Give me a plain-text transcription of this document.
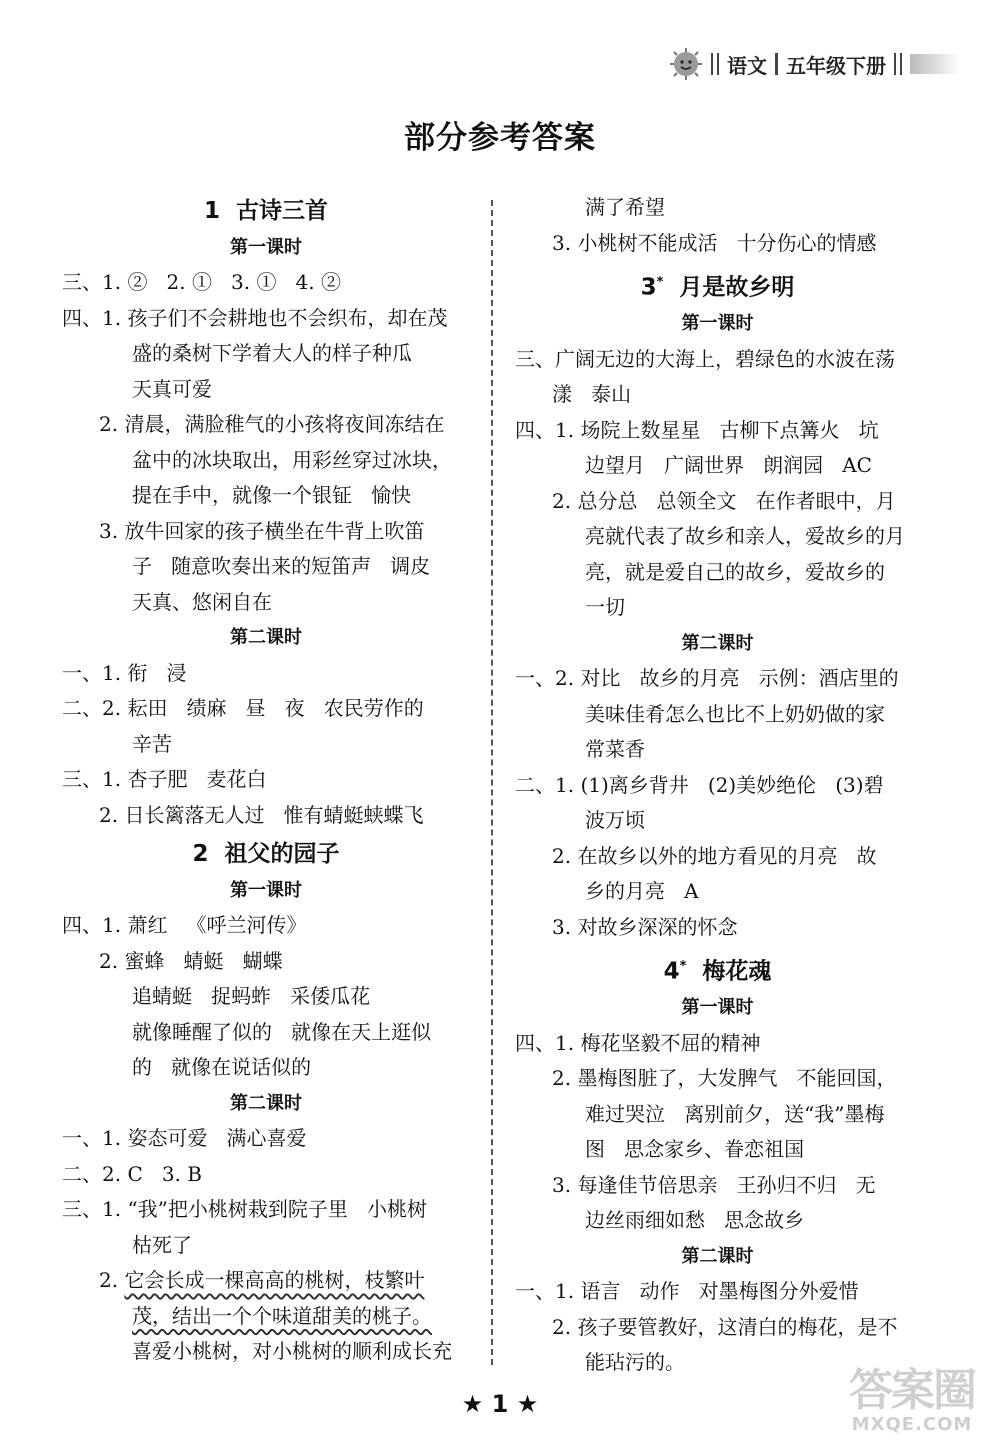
语文 五年级下册
部分参考答案
1  古诗三首
第一课时
三、1. ②   2. ①   3. ①   4. ②
四、1. 孩子们不会耕地也不会织布，却在茂
盛的桑树下学着大人的样子种瓜
天真可爱
2. 清晨，满脸稚气的小孩将夜间冻结在
盆中的冰块取出，用彩丝穿过冰块，
提在手中，就像一个银钲   愉快
3. 放牛回家的孩子横坐在牛背上吹笛
子   随意吹奏出来的短笛声   调皮
天真、悠闲自在
第二课时
一、1. 衔   浸
二、2. 耘田   绩麻   昼   夜   农民劳作的
辛苦
三、1. 杏子肥   麦花白
2. 日长篱落无人过   惟有蜻蜓蛱蝶飞
2  祖父的园子
第一课时
四、1. 萧红   《呼兰河传》
2. 蜜蜂   蜻蜓   蝴蝶
追蜻蜓   捉蚂蚱   采倭瓜花
就像睡醒了似的   就像在天上逛似
的   就像在说话似的
第二课时
一、1. 姿态可爱   满心喜爱
二、2. C   3. B
三、1. “我”把小桃树栽到院子里   小桃树
枯死了
2. 它会长成一棵高高的桃树，枝繁叶
茂，结出一个个味道甜美的桃子。
喜爱小桃树，对小桃树的顺利成长充
满了希望
3. 小桃树不能成活   十分伤心的情感
3*  月是故乡明
第一课时
三、广阔无边的大海上，碧绿色的水波在荡
漾   泰山
四、1. 场院上数星星   古柳下点篝火   坑
边望月   广阔世界   朗润园   AC
2. 总分总   总领全文   在作者眼中，月
亮就代表了故乡和亲人，爱故乡的月
亮，就是爱自己的故乡，爱故乡的
一切
第二课时
一、2. 对比   故乡的月亮   示例：酒店里的
美味佳肴怎么也比不上奶奶做的家
常菜香
二、1. (1)离乡背井   (2)美妙绝伦   (3)碧
波万顷
2. 在故乡以外的地方看见的月亮   故
乡的月亮   A
3. 对故乡深深的怀念
4*  梅花魂
第一课时
四、1. 梅花坚毅不屈的精神
2. 墨梅图脏了，大发脾气   不能回国，
难过哭泣   离别前夕，送“我”墨梅
图   思念家乡、眷恋祖国
3. 每逢佳节倍思亲   王孙归不归   无
边丝雨细如愁   思念故乡
第二课时
一、1. 语言   动作   对墨梅图分外爱惜
2. 孩子要管教好，这清白的梅花，是不
能玷污的。
★ 1 ★	答案圈
MXQE.COM
